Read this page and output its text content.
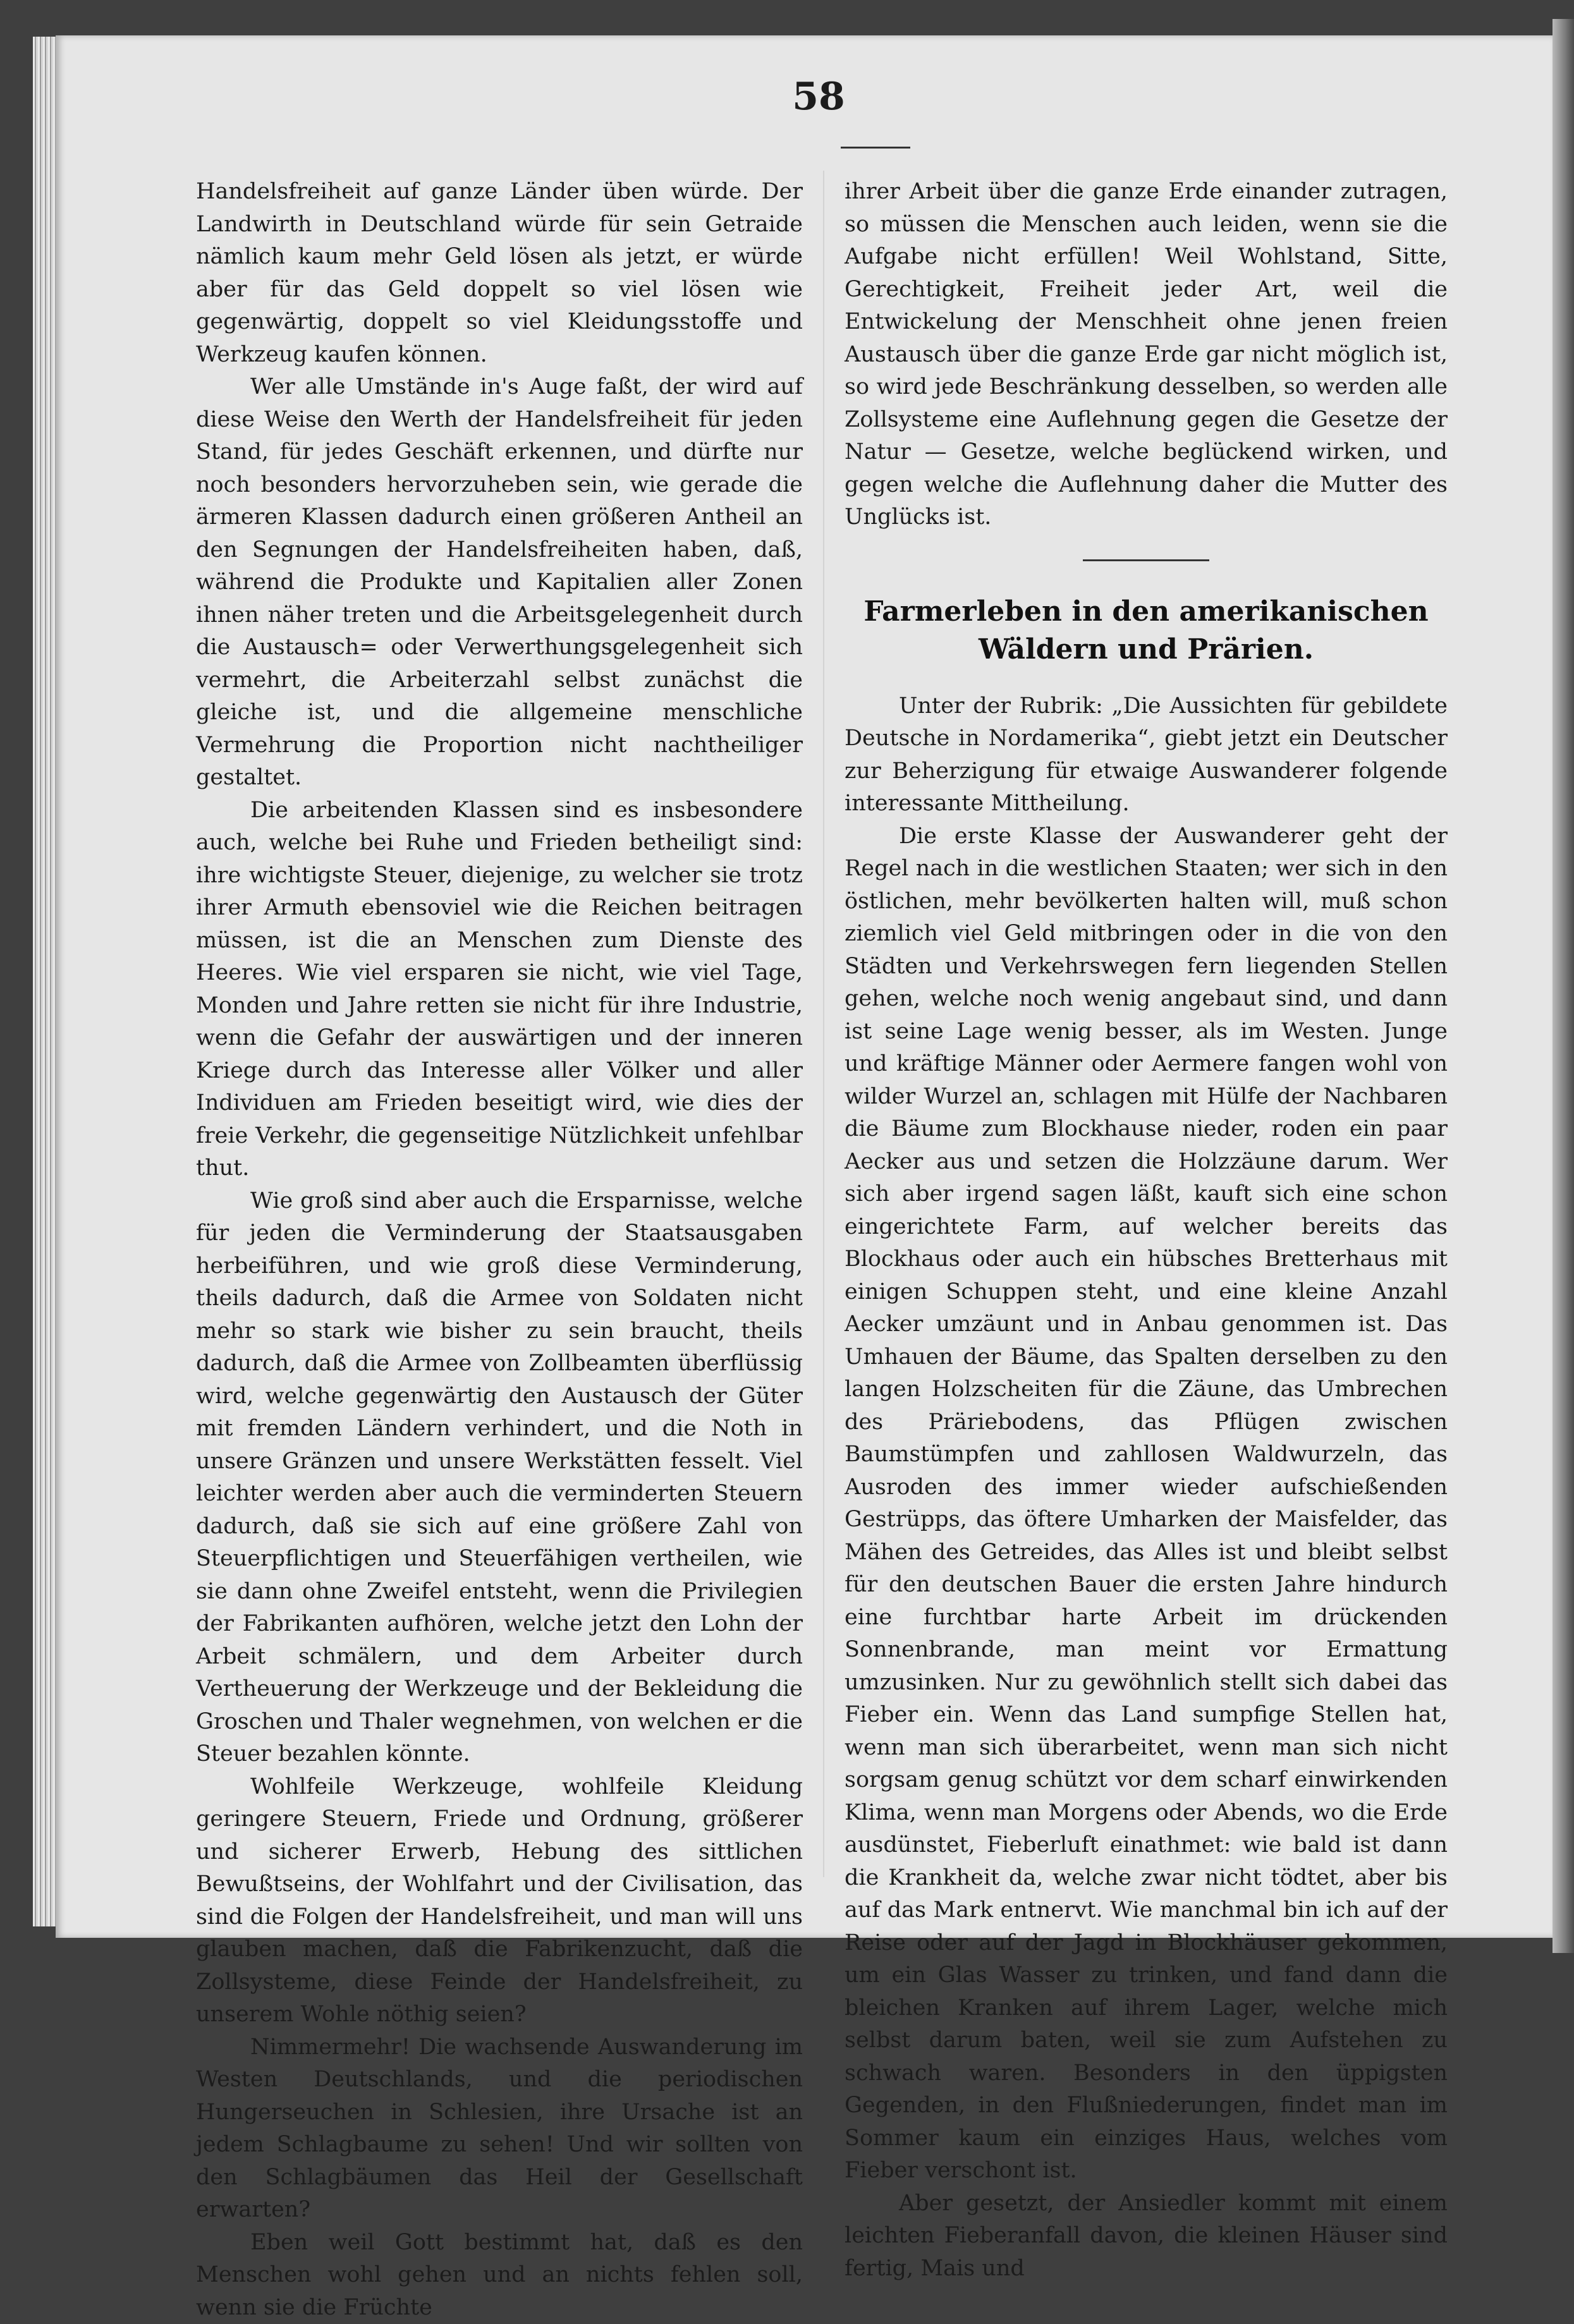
58

Handelsfreiheit auf ganze Länder üben würde. Der Landwirth in Deutschland würde für sein Getraide nämlich kaum mehr Geld lösen als jetzt, er würde aber für das Geld doppelt so viel lösen wie gegenwärtig, doppelt so viel Kleidungsstoffe und Werkzeug kaufen können.

Wer alle Umstände in's Auge faßt, der wird auf diese Weise den Werth der Handelsfreiheit für jeden Stand, für jedes Geschäft erkennen, und dürfte nur noch besonders hervorzuheben sein, wie gerade die ärmeren Klassen dadurch einen größeren Antheil an den Segnungen der Handelsfreiheiten haben, daß, während die Produkte und Kapitalien aller Zonen ihnen näher treten und die Arbeitsgelegenheit durch die Austausch= oder Verwerthungsgelegenheit sich vermehrt, die Arbeiterzahl selbst zunächst die gleiche ist, und die allgemeine menschliche Vermehrung die Proportion nicht nachtheiliger gestaltet.

Die arbeitenden Klassen sind es insbesondere auch, welche bei Ruhe und Frieden betheiligt sind: ihre wichtigste Steuer, diejenige, zu welcher sie trotz ihrer Armuth ebensoviel wie die Reichen beitragen müssen, ist die an Menschen zum Dienste des Heeres. Wie viel ersparen sie nicht, wie viel Tage, Monden und Jahre retten sie nicht für ihre Industrie, wenn die Gefahr der auswärtigen und der inneren Kriege durch das Interesse aller Völker und aller Individuen am Frieden beseitigt wird, wie dies der freie Verkehr, die gegenseitige Nützlichkeit unfehlbar thut.

Wie groß sind aber auch die Ersparnisse, welche für jeden die Verminderung der Staatsausgaben herbeiführen, und wie groß diese Verminderung, theils dadurch, daß die Armee von Soldaten nicht mehr so stark wie bisher zu sein braucht, theils dadurch, daß die Armee von Zollbeamten überflüssig wird, welche gegenwärtig den Austausch der Güter mit fremden Ländern verhindert, und die Noth in unsere Gränzen und unsere Werkstätten fesselt. Viel leichter werden aber auch die verminderten Steuern dadurch, daß sie sich auf eine größere Zahl von Steuerpflichtigen und Steuerfähigen vertheilen, wie sie dann ohne Zweifel entsteht, wenn die Privilegien der Fabrikanten aufhören, welche jetzt den Lohn der Arbeit schmälern, und dem Arbeiter durch Vertheuerung der Werkzeuge und der Bekleidung die Groschen und Thaler wegnehmen, von welchen er die Steuer bezahlen könnte.

Wohlfeile Werkzeuge, wohlfeile Kleidung geringere Steuern, Friede und Ordnung, größerer und sicherer Erwerb, Hebung des sittlichen Bewußtseins, der Wohlfahrt und der Civilisation, das sind die Folgen der Handelsfreiheit, und man will uns glauben machen, daß die Fabrikenzucht, daß die Zollsysteme, diese Feinde der Handelsfreiheit, zu unserem Wohle nöthig seien?

Nimmermehr! Die wachsende Auswanderung im Westen Deutschlands, und die periodischen Hungerseuchen in Schlesien, ihre Ursache ist an jedem Schlagbaume zu sehen! Und wir sollten von den Schlagbäumen das Heil der Gesellschaft erwarten?

Eben weil Gott bestimmt hat, daß es den Menschen wohl gehen und an nichts fehlen soll, wenn sie die Früchte

ihrer Arbeit über die ganze Erde einander zutragen, so müssen die Menschen auch leiden, wenn sie die Aufgabe nicht erfüllen! Weil Wohlstand, Sitte, Gerechtigkeit, Freiheit jeder Art, weil die Entwickelung der Menschheit ohne jenen freien Austausch über die ganze Erde gar nicht möglich ist, so wird jede Beschränkung desselben, so werden alle Zollsysteme eine Auflehnung gegen die Gesetze der Natur — Gesetze, welche beglückend wirken, und gegen welche die Auflehnung daher die Mutter des Unglücks ist.

Farmerleben in den amerikanischen
Wäldern und Prärien.

Unter der Rubrik: „Die Aussichten für gebildete Deutsche in Nordamerika“, giebt jetzt ein Deutscher zur Beherzigung für etwaige Auswanderer folgende interessante Mittheilung.

Die erste Klasse der Auswanderer geht der Regel nach in die westlichen Staaten; wer sich in den östlichen, mehr bevölkerten halten will, muß schon ziemlich viel Geld mitbringen oder in die von den Städten und Verkehrswegen fern liegenden Stellen gehen, welche noch wenig angebaut sind, und dann ist seine Lage wenig besser, als im Westen. Junge und kräftige Männer oder Aermere fangen wohl von wilder Wurzel an, schlagen mit Hülfe der Nachbaren die Bäume zum Blockhause nieder, roden ein paar Aecker aus und setzen die Holzzäune darum. Wer sich aber irgend sagen läßt, kauft sich eine schon eingerichtete Farm, auf welcher bereits das Blockhaus oder auch ein hübsches Bretterhaus mit einigen Schuppen steht, und eine kleine Anzahl Aecker umzäunt und in Anbau genommen ist. Das Umhauen der Bäume, das Spalten derselben zu den langen Holzscheiten für die Zäune, das Umbrechen des Präriebodens, das Pflügen zwischen Baumstümpfen und zahllosen Waldwurzeln, das Ausroden des immer wieder aufschießenden Gestrüpps, das öftere Umharken der Maisfelder, das Mähen des Getreides, das Alles ist und bleibt selbst für den deutschen Bauer die ersten Jahre hindurch eine furchtbar harte Arbeit im drückenden Sonnenbrande, man meint vor Ermattung umzusinken. Nur zu gewöhnlich stellt sich dabei das Fieber ein. Wenn das Land sumpfige Stellen hat, wenn man sich überarbeitet, wenn man sich nicht sorgsam genug schützt vor dem scharf einwirkenden Klima, wenn man Morgens oder Abends, wo die Erde ausdünstet, Fieberluft einathmet: wie bald ist dann die Krankheit da, welche zwar nicht tödtet, aber bis auf das Mark entnervt. Wie manchmal bin ich auf der Reise oder auf der Jagd in Blockhäuser gekommen, um ein Glas Wasser zu trinken, und fand dann die bleichen Kranken auf ihrem Lager, welche mich selbst darum baten, weil sie zum Aufstehen zu schwach waren. Besonders in den üppigsten Gegenden, in den Flußniederungen, findet man im Sommer kaum ein einziges Haus, welches vom Fieber verschont ist.

Aber gesetzt, der Ansiedler kommt mit einem leichten Fieberanfall davon, die kleinen Häuser sind fertig, Mais und
